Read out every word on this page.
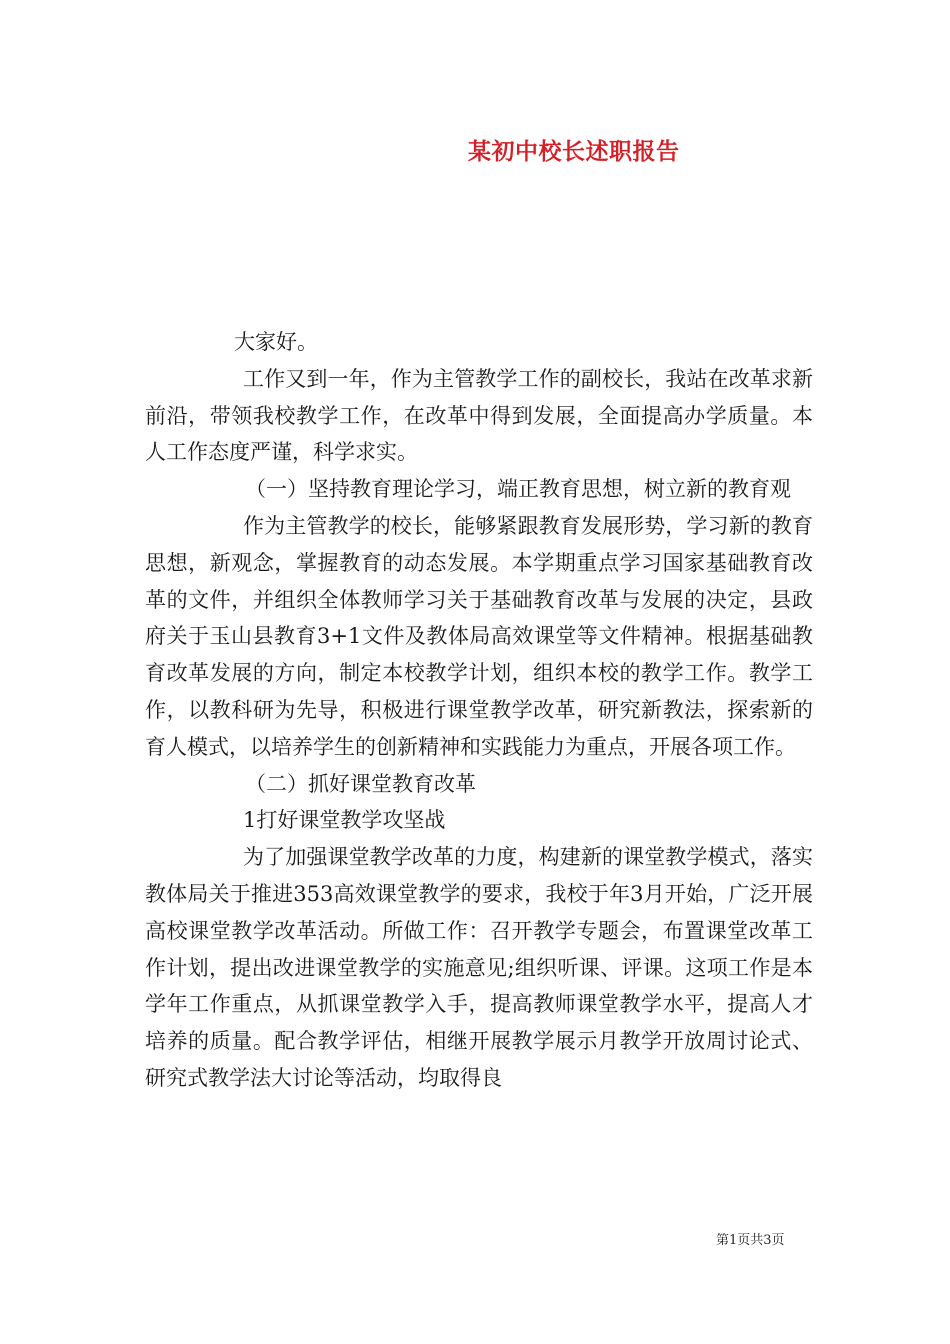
某初中校长述职报告

大家好。

工作又到一年，作为主管教学工作的副校长，我站在改革求新前沿，带领我校教学工作，在改革中得到发展，全面提高办学质量。本人工作态度严谨，科学求实。

（一）坚持教育理论学习，端正教育思想，树立新的教育观

作为主管教学的校长，能够紧跟教育发展形势，学习新的教育思想，新观念，掌握教育的动态发展。本学期重点学习国家基础教育改革的文件，并组织全体教师学习关于基础教育改革与发展的决定，县政府关于玉山县教育3+1文件及教体局高效课堂等文件精神。根据基础教育改革发展的方向，制定本校教学计划，组织本校的教学工作。教学工作，以教科研为先导，积极进行课堂教学改革，研究新教法，探索新的育人模式，以培养学生的创新精神和实践能力为重点，开展各项工作。

（二）抓好课堂教育改革

1打好课堂教学攻坚战

为了加强课堂教学改革的力度，构建新的课堂教学模式，落实教体局关于推进353高效课堂教学的要求，我校于年3月开始，广泛开展高校课堂教学改革活动。所做工作：召开教学专题会，布置课堂改革工作计划，提出改进课堂教学的实施意见;组织听课、评课。这项工作是本学年工作重点，从抓课堂教学入手，提高教师课堂教学水平，提高人才培养的质量。配合教学评估，相继开展教学展示月教学开放周讨论式、研究式教学法大讨论等活动，均取得良

第1页共3页
